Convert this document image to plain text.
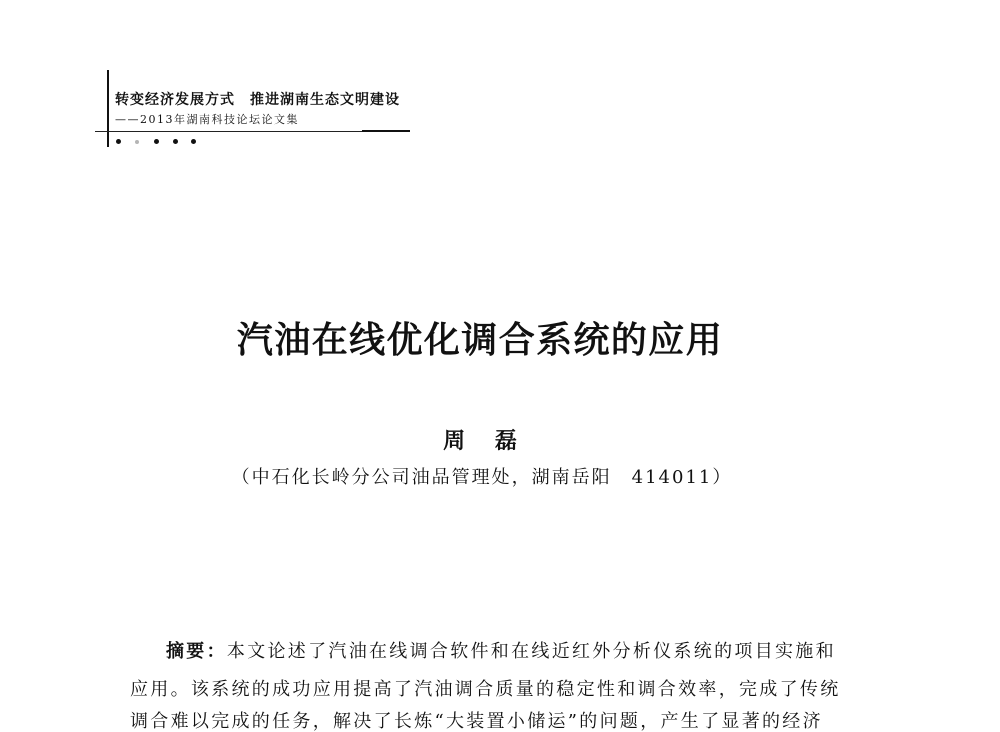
转变经济发展方式　推进湖南生态文明建设
——2013年湖南科技论坛论文集
汽油在线优化调合系统的应用
周 磊
（中石化长岭分公司油品管理处，湖南岳阳　414011）
摘要：本文论述了汽油在线调合软件和在线近红外分析仪系统的项目实施和
应用。该系统的成功应用提高了汽油调合质量的稳定性和调合效率，完成了传统
调合难以完成的任务，解决了长炼“大装置小储运”的问题，产生了显著的经济
